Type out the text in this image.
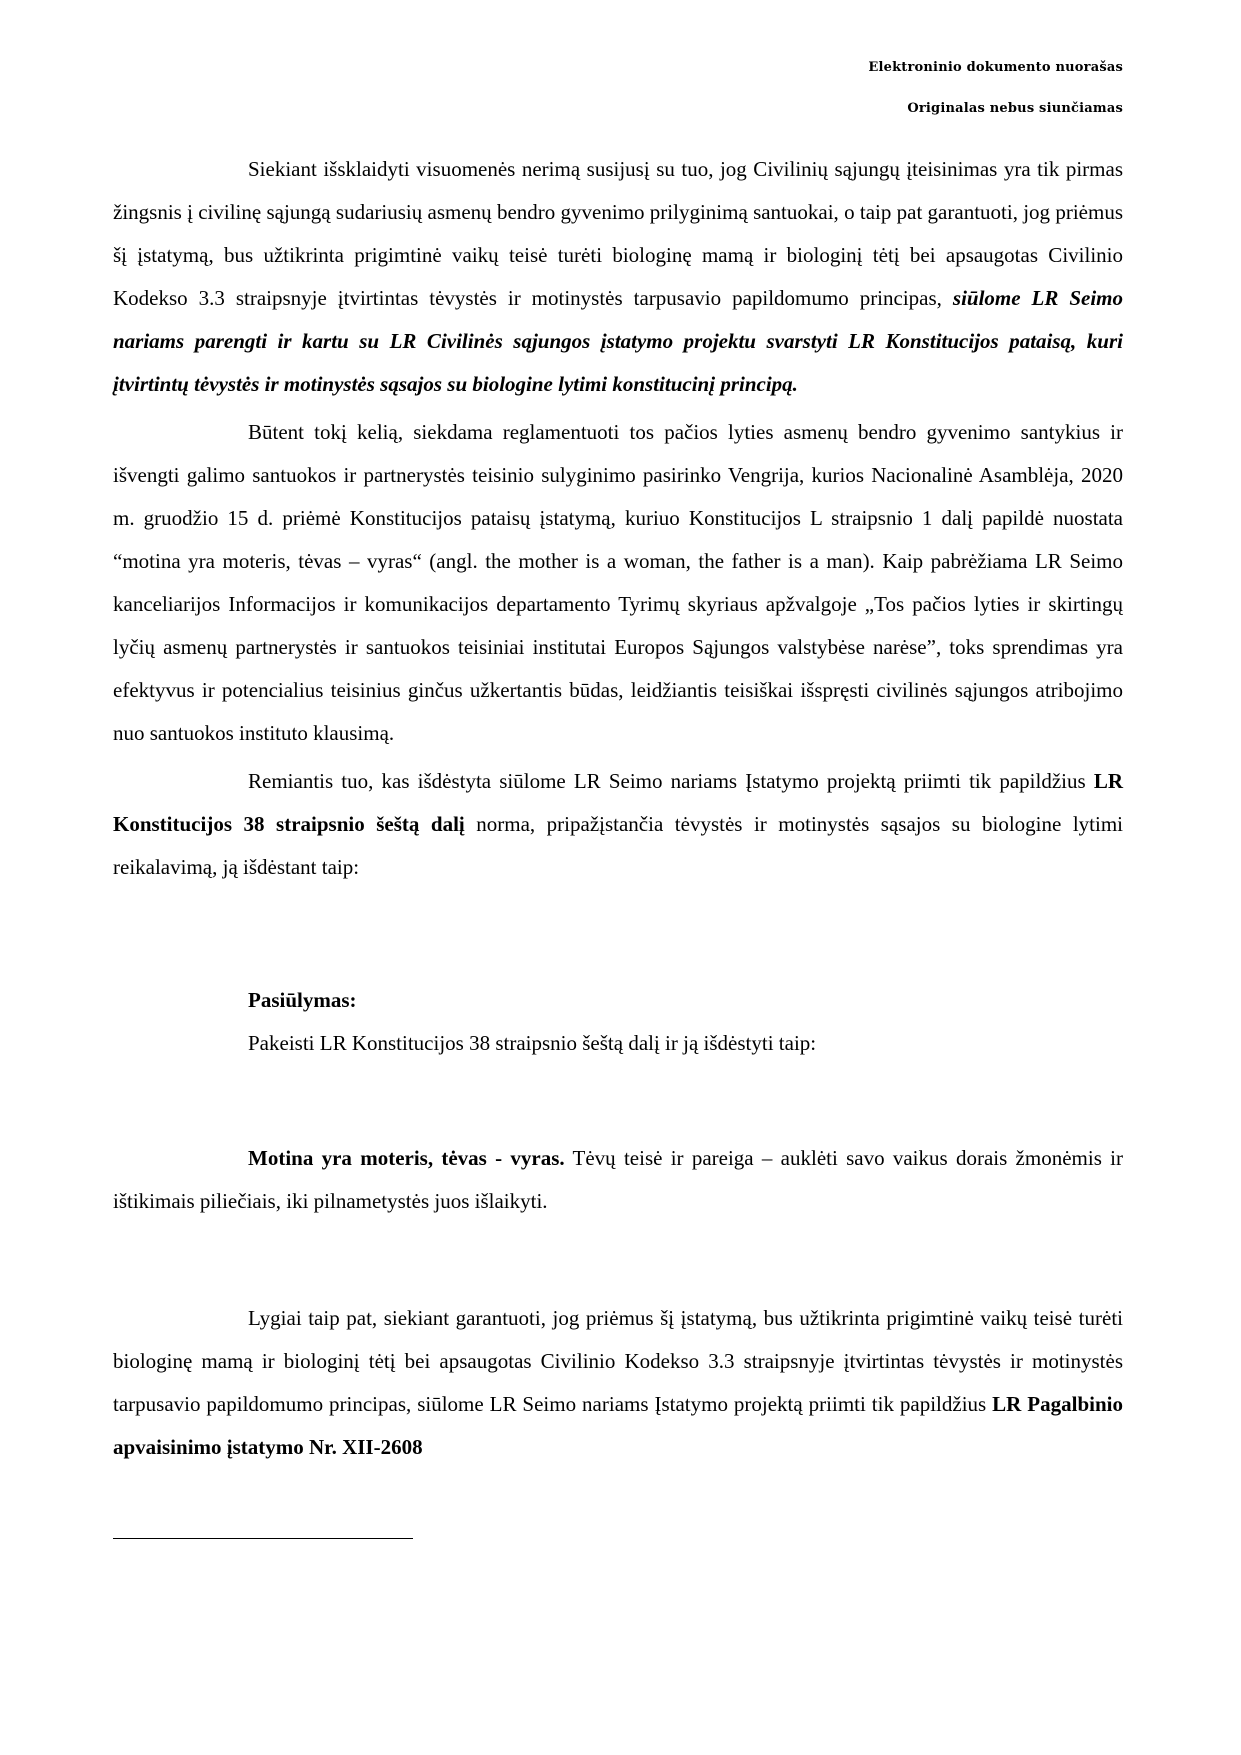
Elektroninio dokumento nuorašas
Originalas nebus siunčiamas

Siekiant išsklaidyti visuomenės nerimą susijusį su tuo, jog Civilinių sąjungų įteisinimas yra tik pirmas žingsnis į civilinę sąjungą sudariusių asmenų bendro gyvenimo prilyginimą santuokai, o taip pat garantuoti, jog priėmus šį įstatymą, bus užtikrinta prigimtinė vaikų teisė turėti biologinę mamą ir biologinį tėtį bei apsaugotas Civilinio Kodekso 3.3 straipsnyje įtvirtintas tėvystės ir motinystės tarpusavio papildomumo principas, siūlome LR Seimo nariams parengti ir kartu su LR Civilinės sąjungos įstatymo projektu svarstyti LR Konstitucijos pataisą, kuri įtvirtintų tėvystės ir motinystės sąsajos su biologine lytimi konstitucinį principą.

Būtent tokį kelią, siekdama reglamentuoti tos pačios lyties asmenų bendro gyvenimo santykius ir išvengti galimo santuokos ir partnerystės teisinio sulyginimo pasirinko Vengrija, kurios Nacionalinė Asamblėja, 2020 m. gruodžio 15 d. priėmė Konstitucijos pataisų įstatymą, kuriuo Konstitucijos L straipsnio 1 dalį papildė nuostata “motina yra moteris, tėvas – vyras“ (angl. the mother is a woman, the father is a man). Kaip pabrėžiama LR Seimo kanceliarijos Informacijos ir komunikacijos departamento Tyrimų skyriaus apžvalgoje „Tos pačios lyties ir skirtingų lyčių asmenų partnerystės ir santuokos teisiniai institutai Europos Sąjungos valstybėse narėse”, toks sprendimas yra efektyvus ir potencialius teisinius ginčus užkertantis būdas, leidžiantis teisiškai išspręsti civilinės sąjungos atribojimo nuo santuokos instituto klausimą.

Remiantis tuo, kas išdėstyta siūlome LR Seimo nariams Įstatymo projektą priimti tik papildžius LR Konstitucijos 38 straipsnio šeštą dalį norma, pripažįstančia tėvystės ir motinystės sąsajos su biologine lytimi reikalavimą, ją išdėstant taip:

Pasiūlymas:
Pakeisti LR Konstitucijos 38 straipsnio šeštą dalį ir ją išdėstyti taip:

Motina yra moteris, tėvas - vyras. Tėvų teisė ir pareiga – auklėti savo vaikus dorais žmonėmis ir ištikimais piliečiais, iki pilnametystės juos išlaikyti.

Lygiai taip pat, siekiant garantuoti, jog priėmus šį įstatymą, bus užtikrinta prigimtinė vaikų teisė turėti biologinę mamą ir biologinį tėtį bei apsaugotas Civilinio Kodekso 3.3 straipsnyje įtvirtintas tėvystės ir motinystės tarpusavio papildomumo principas, siūlome LR Seimo nariams Įstatymo projektą priimti tik papildžius LR Pagalbinio apvaisinimo įstatymo Nr. XII-2608
